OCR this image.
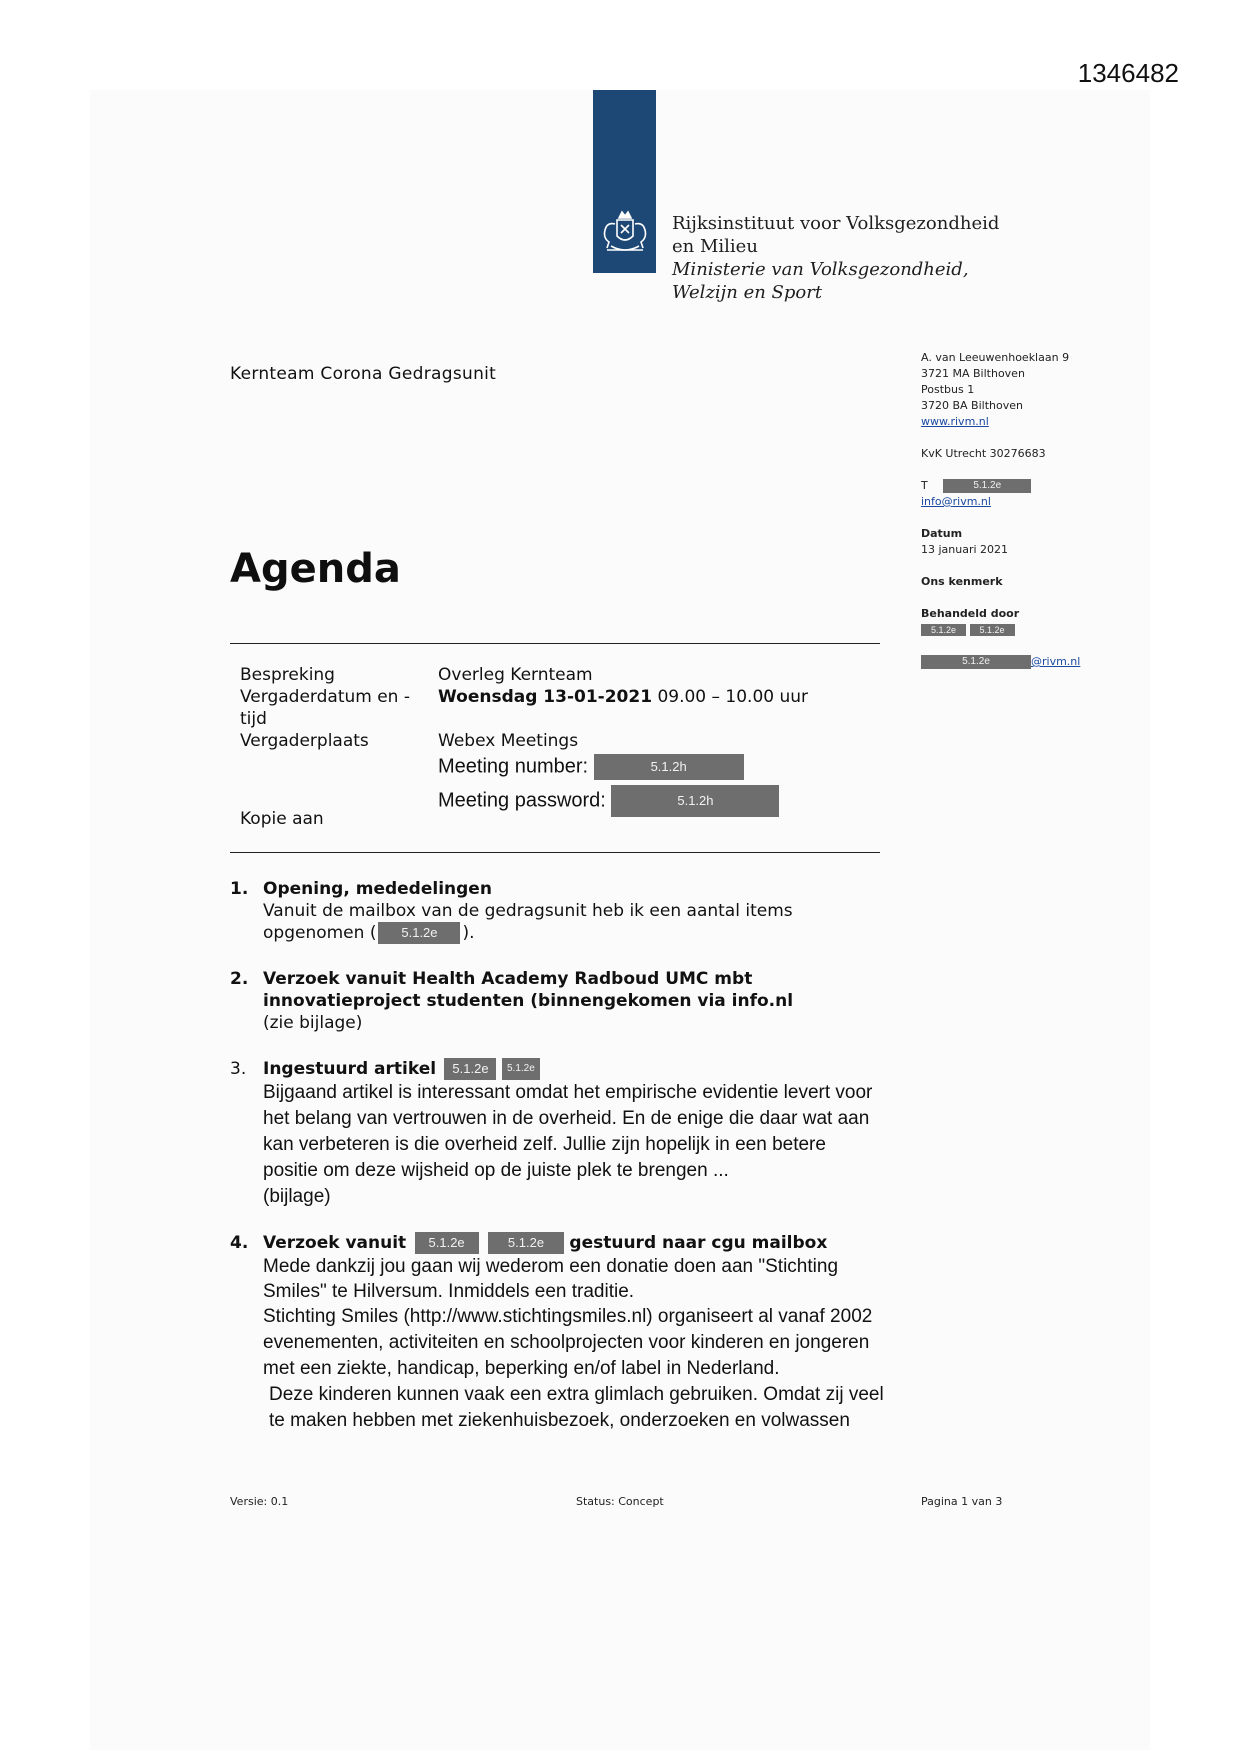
1346482
Rijksinstituut voor Volksgezondheid
en Milieu
Ministerie van Volksgezondheid,
Welzijn en Sport
Kernteam Corona Gedragsunit
A. van Leeuwenhoeklaan 9
3721 MA Bilthoven
Postbus 1
3720 BA Bilthoven
www.rivm.nl
KvK Utrecht 30276683
T	5.1.2e
info@rivm.nl
Datum
13 januari 2021
Ons kenmerk
Behandeld door
5.1.2e	5.1.2e
5.1.2e	@rivm.nl
Agenda
Bespreking	Overleg Kernteam
Vergaderdatum en -
tijd
Woensdag 13-01-2021 09.00 – 10.00 uur
Vergaderplaats	Webex Meetings
Meeting number:	5.1.2h
Meeting password:	5.1.2h
Kopie aan
1. Opening, mededelingen
Vanuit de mailbox van de gedragsunit heb ik een aantal items
opgenomen ( 5.1.2e ).
2. Verzoek vanuit Health Academy Radboud UMC mbt
innovatieproject studenten (binnengekomen via info.nl
(zie bijlage)
3. Ingestuurd artikel 5.1.2e 5.1.2e
Bijgaand artikel is interessant omdat het empirische evidentie levert voor
het belang van vertrouwen in de overheid. En de enige die daar wat aan
kan verbeteren is die overheid zelf. Jullie zijn hopelijk in een betere
positie om deze wijsheid op de juiste plek te brengen ...
(bijlage)
4. Verzoek vanuit 5.1.2e	5.1.2e gestuurd naar cgu mailbox
Mede dankzij jou gaan wij wederom een donatie doen aan "Stichting
Smiles" te Hilversum. Inmiddels een traditie.
Stichting Smiles (http://www.stichtingsmiles.nl) organiseert al vanaf 2002
evenementen, activiteiten en schoolprojecten voor kinderen en jongeren
met een ziekte, handicap, beperking en/of label in Nederland.
Deze kinderen kunnen vaak een extra glimlach gebruiken. Omdat zij veel
te maken hebben met ziekenhuisbezoek, onderzoeken en volwassen
Versie: 0.1	Status: Concept	Pagina 1 van 3
